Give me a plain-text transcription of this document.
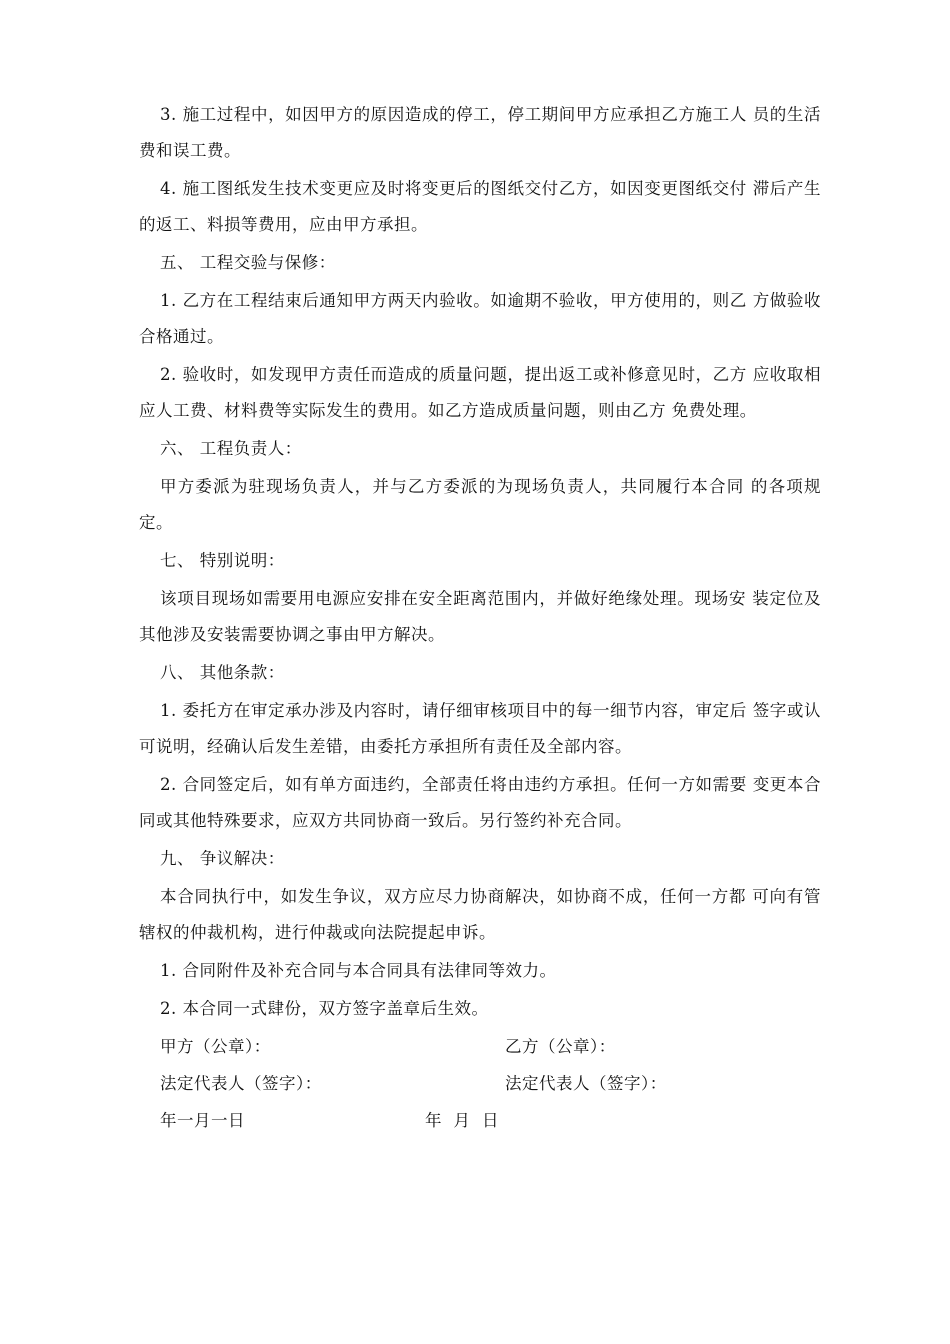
3. 施工过程中，如因甲方的原因造成的停工，停工期间甲方应承担乙方施工人 员的生活费和误工费。

4. 施工图纸发生技术变更应及时将变更后的图纸交付乙方，如因变更图纸交付 滞后产生的返工、料损等费用，应由甲方承担。

五、 工程交验与保修：

1. 乙方在工程结束后通知甲方两天内验收。如逾期不验收，甲方使用的，则乙 方做验收合格通过。

2. 验收时，如发现甲方责任而造成的质量问题，提出返工或补修意见时，乙方 应收取相应人工费、材料费等实际发生的费用。如乙方造成质量问题，则由乙方 免费处理。

六、 工程负责人：

甲方委派为驻现场负责人，并与乙方委派的为现场负责人，共同履行本合同 的各项规定。

七、 特别说明：

该项目现场如需要用电源应安排在安全距离范围内，并做好绝缘处理。现场安 装定位及其他涉及安装需要协调之事由甲方解决。

八、 其他条款：

1. 委托方在审定承办涉及内容时，请仔细审核项目中的每一细节内容，审定后 签字或认可说明，经确认后发生差错，由委托方承担所有责任及全部内容。

2. 合同签定后，如有单方面违约，全部责任将由违约方承担。任何一方如需要 变更本合同或其他特殊要求，应双方共同协商一致后。另行签约补充合同。

九、 争议解决：

本合同执行中，如发生争议，双方应尽力协商解决，如协商不成，任何一方都 可向有管辖权的仲裁机构，进行仲裁或向法院提起申诉。

1. 合同附件及补充合同与本合同具有法律同等效力。

2. 本合同一式肆份，双方签字盖章后生效。

甲方（公章）：	乙方（公章）：
法定代表人（签字）：	法定代表人（签字）：
年一月一日	年  月  日
